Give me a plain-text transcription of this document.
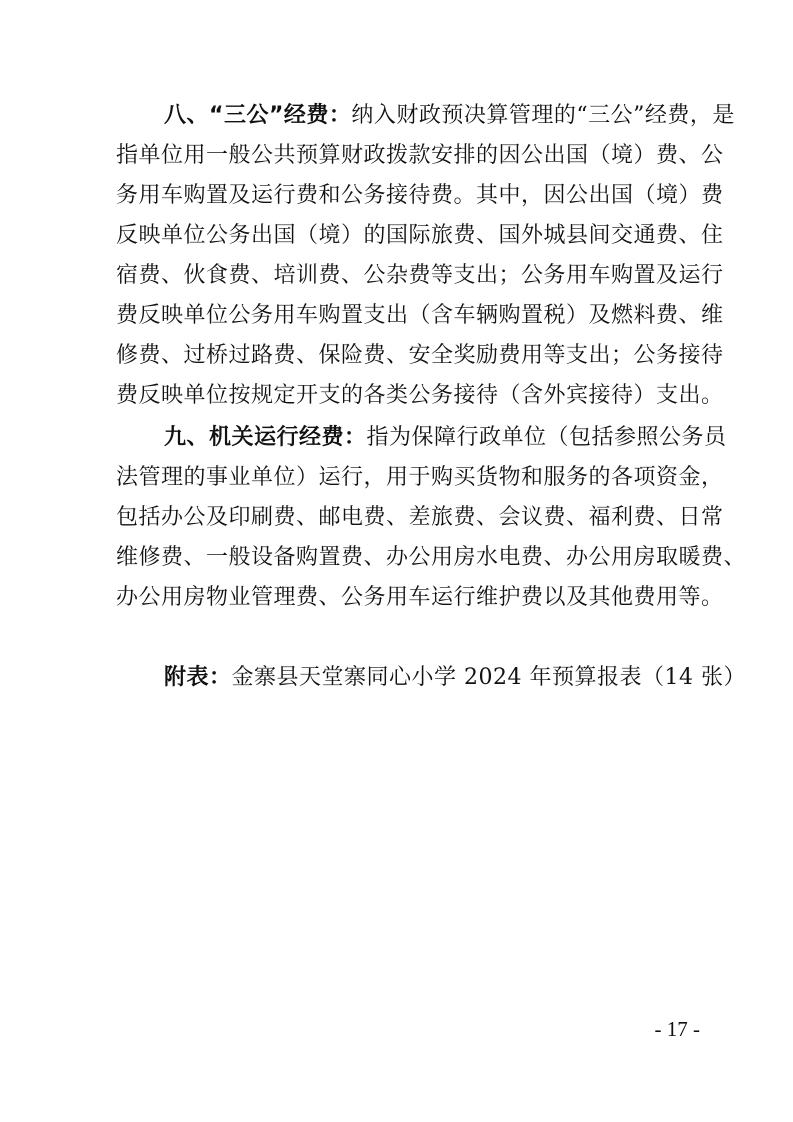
八、“三公”经费：纳入财政预决算管理的“三公”经费，是
指单位用一般公共预算财政拨款安排的因公出国（境）费、公
务用车购置及运行费和公务接待费。其中，因公出国（境）费
反映单位公务出国（境）的国际旅费、国外城县间交通费、住
宿费、伙食费、培训费、公杂费等支出；公务用车购置及运行
费反映单位公务用车购置支出（含车辆购置税）及燃料费、维
修费、过桥过路费、保险费、安全奖励费用等支出；公务接待
费反映单位按规定开支的各类公务接待（含外宾接待）支出。
九、机关运行经费：指为保障行政单位（包括参照公务员
法管理的事业单位）运行，用于购买货物和服务的各项资金，
包括办公及印刷费、邮电费、差旅费、会议费、福利费、日常
维修费、一般设备购置费、办公用房水电费、办公用房取暖费、
办公用房物业管理费、公务用车运行维护费以及其他费用等。
附表：金寨县天堂寨同心小学 2024 年预算报表（14 张）
- 17 -
